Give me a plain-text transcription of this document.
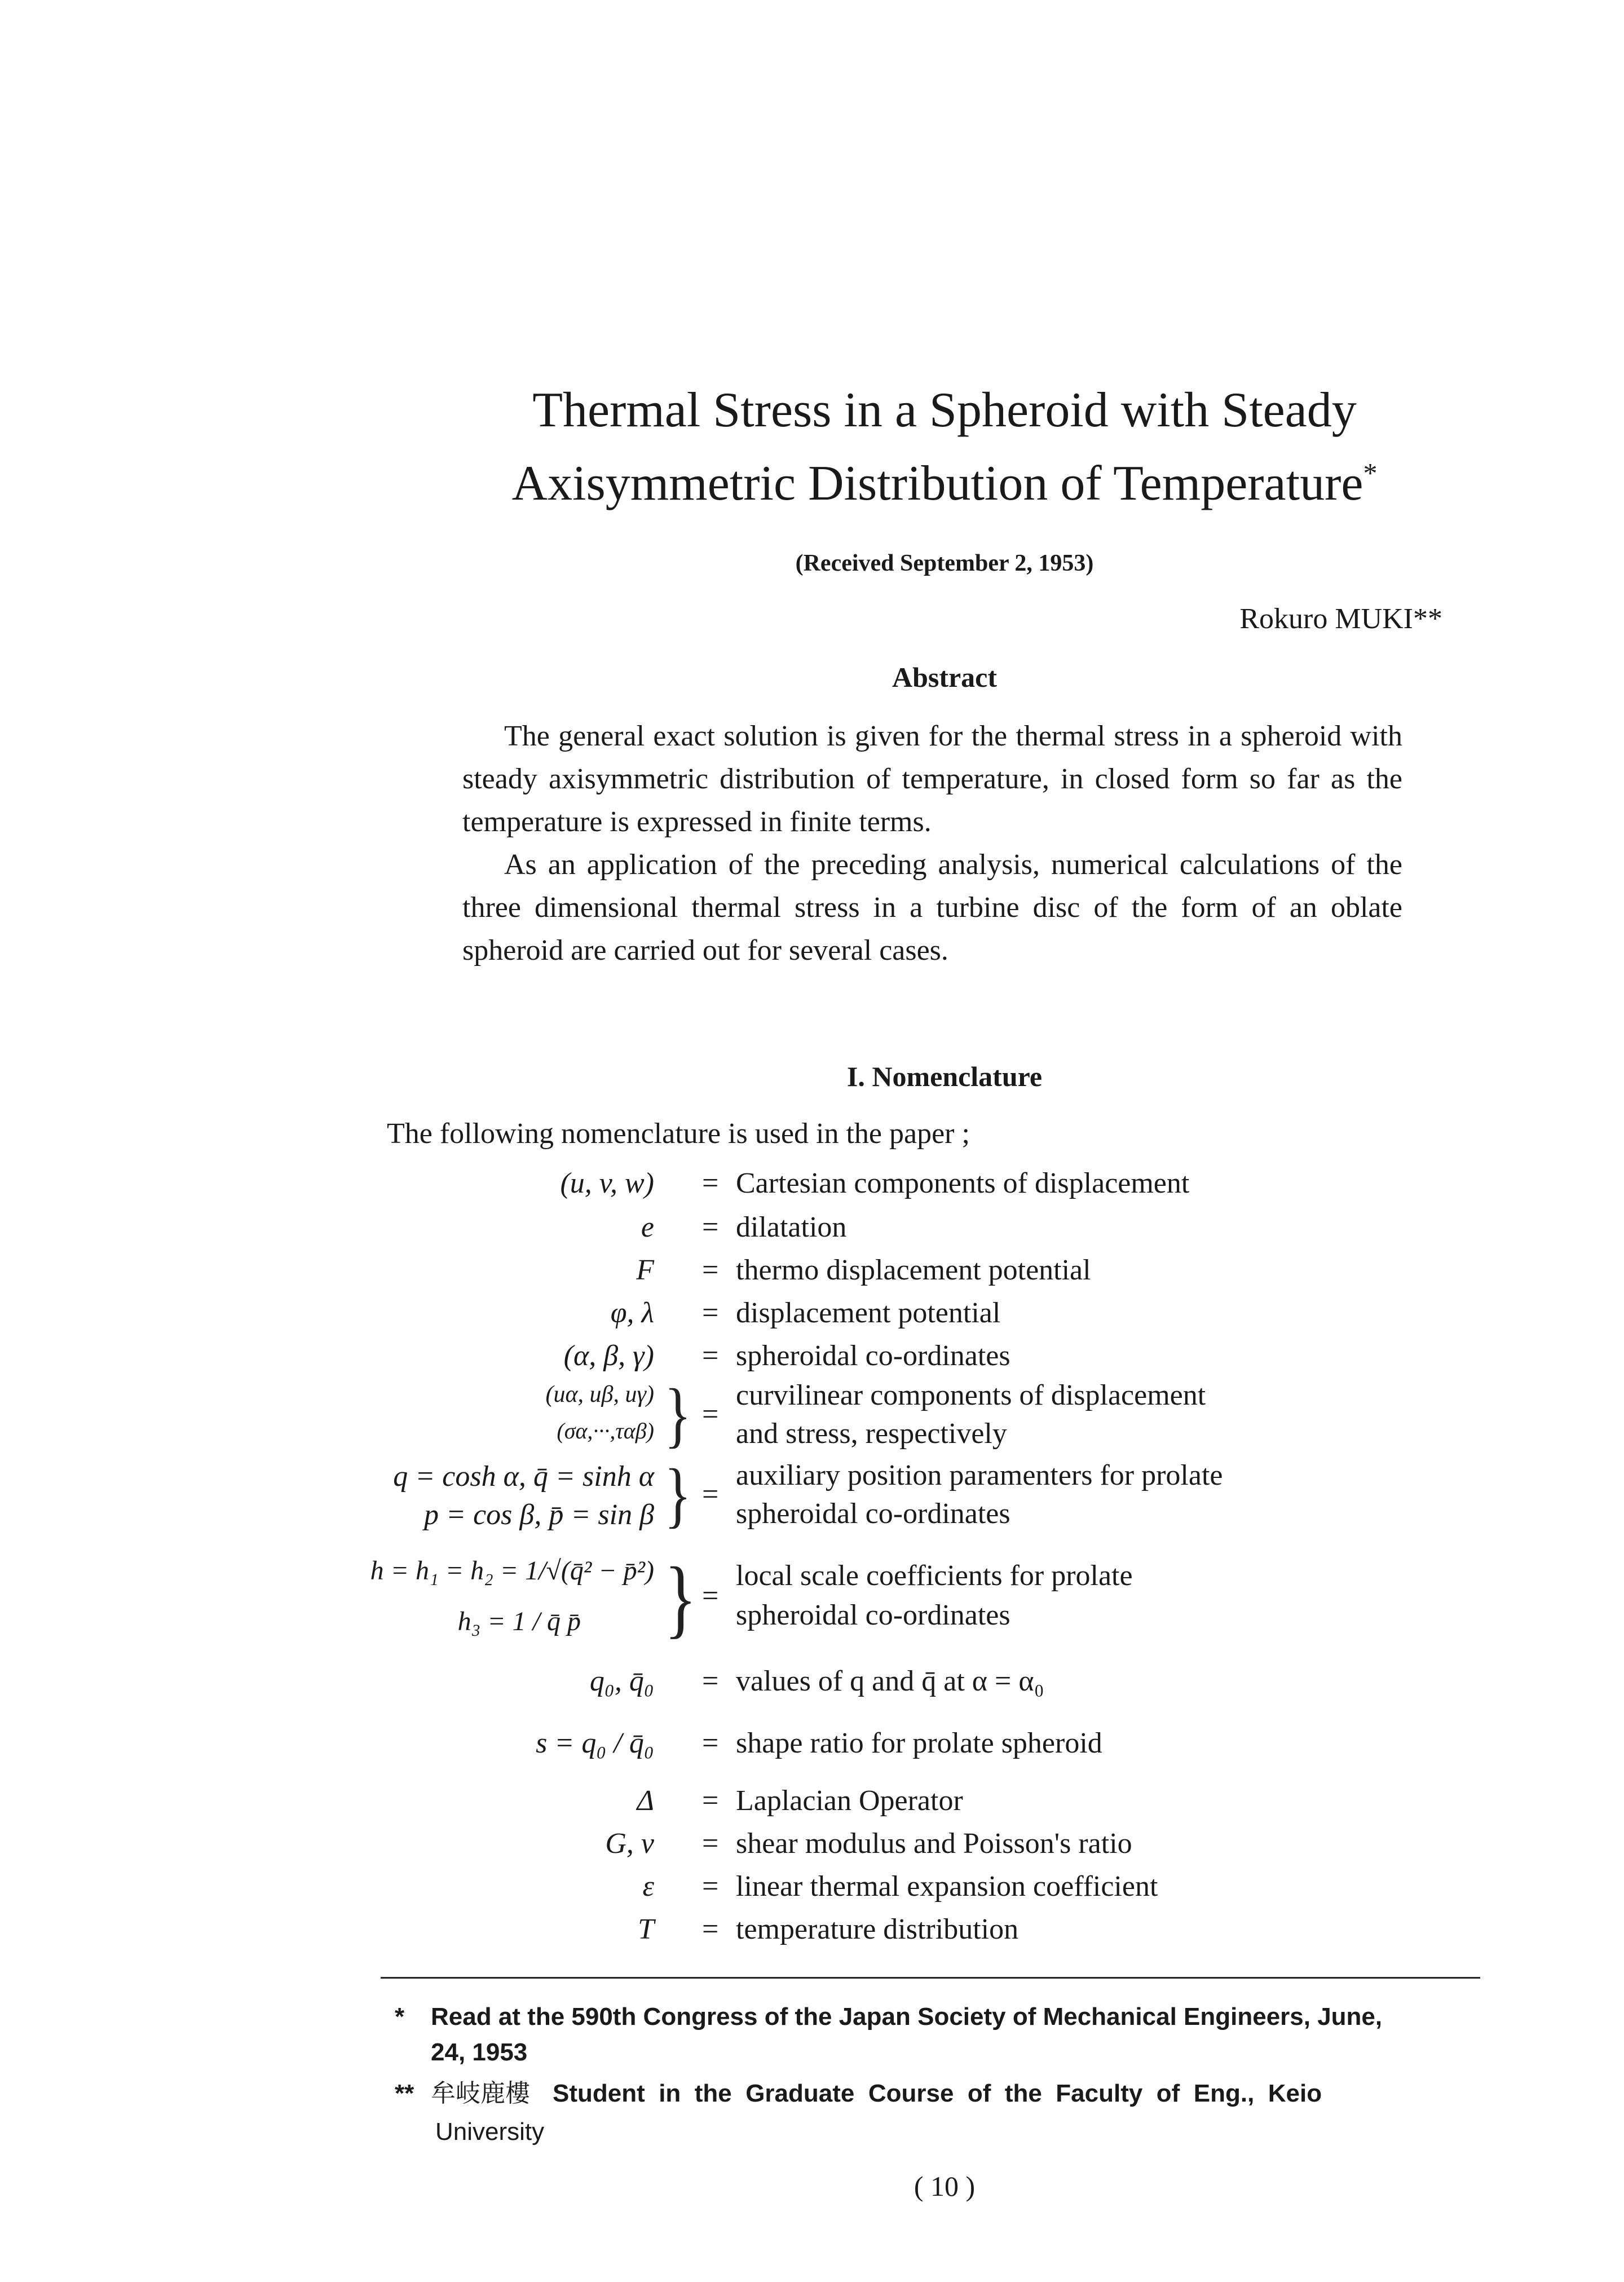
Thermal Stress in a Spheroid with Steady
Axisymmetric Distribution of Temperature*
(Received September 2, 1953)
Rokuro MUKI**
Abstract

The general exact solution is given for the thermal stress in a spheroid with steady axisymmetric distribution of temperature, in closed form so far as the temperature is expressed in finite terms.

As an application of the preceding analysis, numerical calculations of the three dimensional thermal stress in a turbine disc of the form of an oblate spheroid are carried out for several cases.

I. Nomenclature
The following nomenclature is used in the paper ;
(u, v, w) = Cartesian components of displacement
e = dilatation
F = thermo displacement potential
φ, λ = displacement potential
(α, β, γ) = spheroidal co-ordinates
(uα, uβ, uγ)
(σα,···,ταβ) } =
curvilinear components of displacement
and stress, respectively
q = cosh α, q̄ = sinh α
p = cos β, p̄ = sin β } =
auxiliary position paramenters for prolate
spheroidal co-ordinates
h = h₁ = h₂ = 1/√(q̄² − p̄²)
h₃ = 1 / q̄ p̄ } =
local scale coefficients for prolate
spheroidal co-ordinates
q₀, q̄₀ = values of q and q̄ at α = α₀
s = q₀ / q̄₀ = shape ratio for prolate spheroid
Δ = Laplacian Operator
G, ν = shear modulus and Poisson's ratio
ε = linear thermal expansion coefficient
T = temperature distribution
* Read at the 590th Congress of the Japan Society of Mechanical Engineers, June,
24, 1953
** 牟岐鹿樓 Student  in  the  Graduate  Course  of  the  Faculty  of  Eng.,  Keio
University
( 10 )
